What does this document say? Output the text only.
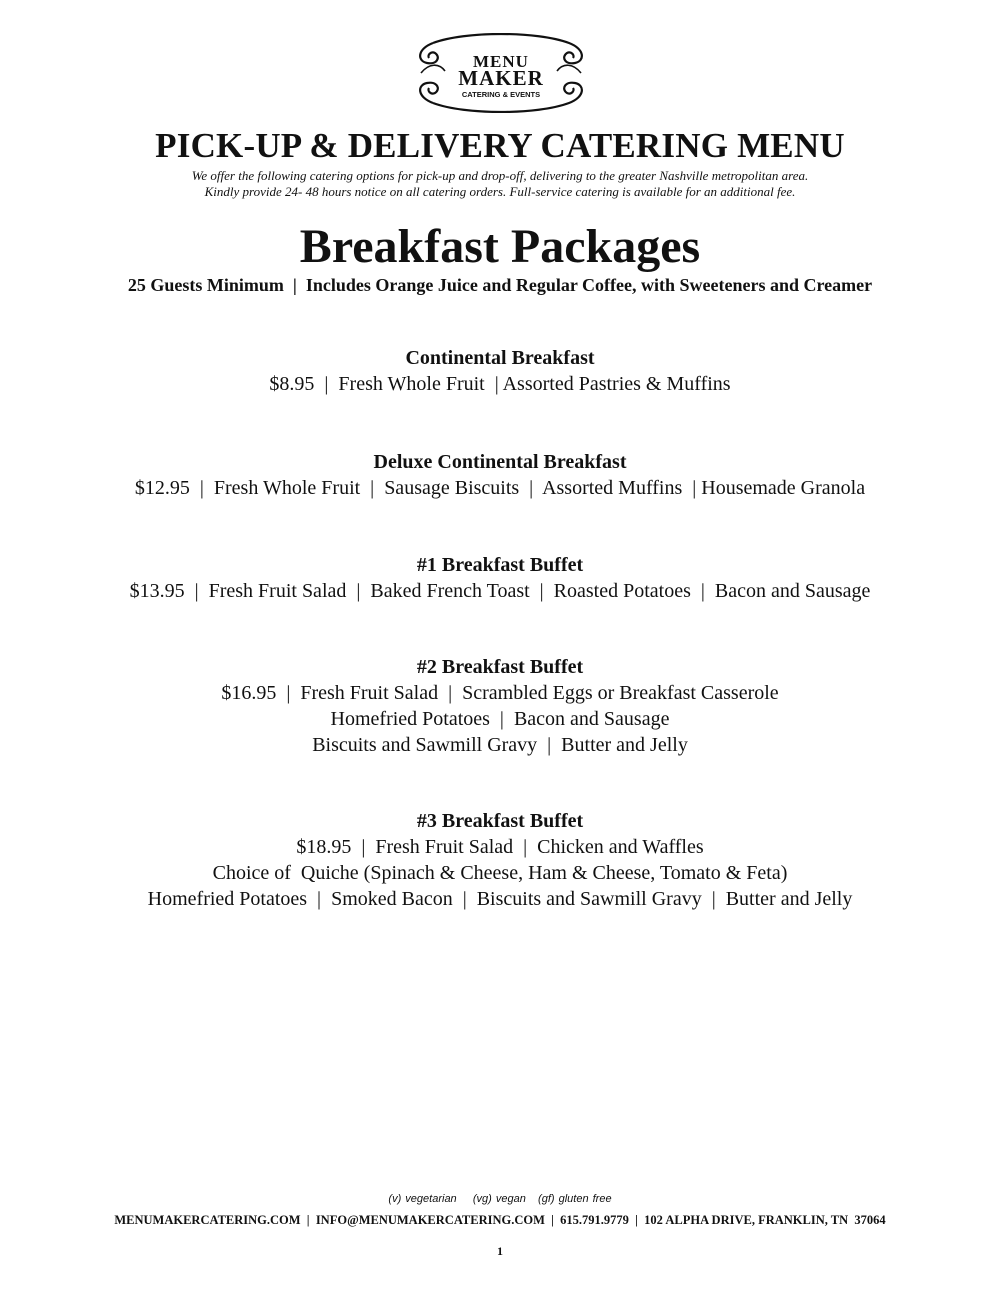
MENU
MAKER
CATERING & EVENTS
PICK-UP & DELIVERY CATERING MENU
We offer the following catering options for pick-up and drop-off, delivering to the greater Nashville metropolitan area.
Kindly provide 24- 48 hours notice on all catering orders. Full-service catering is available for an additional fee.
Breakfast Packages
25 Guests Minimum  |  Includes Orange Juice and Regular Coffee, with Sweeteners and Creamer
Continental Breakfast
$8.95  |  Fresh Whole Fruit  | Assorted Pastries & Muffins
Deluxe Continental Breakfast
$12.95  |  Fresh Whole Fruit  |  Sausage Biscuits  |  Assorted Muffins  | Housemade Granola
#1 Breakfast Buffet
$13.95  |  Fresh Fruit Salad  |  Baked French Toast  |  Roasted Potatoes  |  Bacon and Sausage
#2 Breakfast Buffet
$16.95  |  Fresh Fruit Salad  |  Scrambled Eggs or Breakfast Casserole
Homefried Potatoes  |  Bacon and Sausage
Biscuits and Sawmill Gravy  |  Butter and Jelly
#3 Breakfast Buffet
$18.95  |  Fresh Fruit Salad  |  Chicken and Waffles
Choice of  Quiche (Spinach & Cheese, Ham & Cheese, Tomato & Feta)
Homefried Potatoes  |  Smoked Bacon  |  Biscuits and Sawmill Gravy  |  Butter and Jelly
(v) vegetarian    (vg) vegan   (gf) gluten free
MENUMAKERCATERING.COM  |  INFO@MENUMAKERCATERING.COM  |  615.791.9779  |  102 ALPHA DRIVE, FRANKLIN, TN  37064
1
